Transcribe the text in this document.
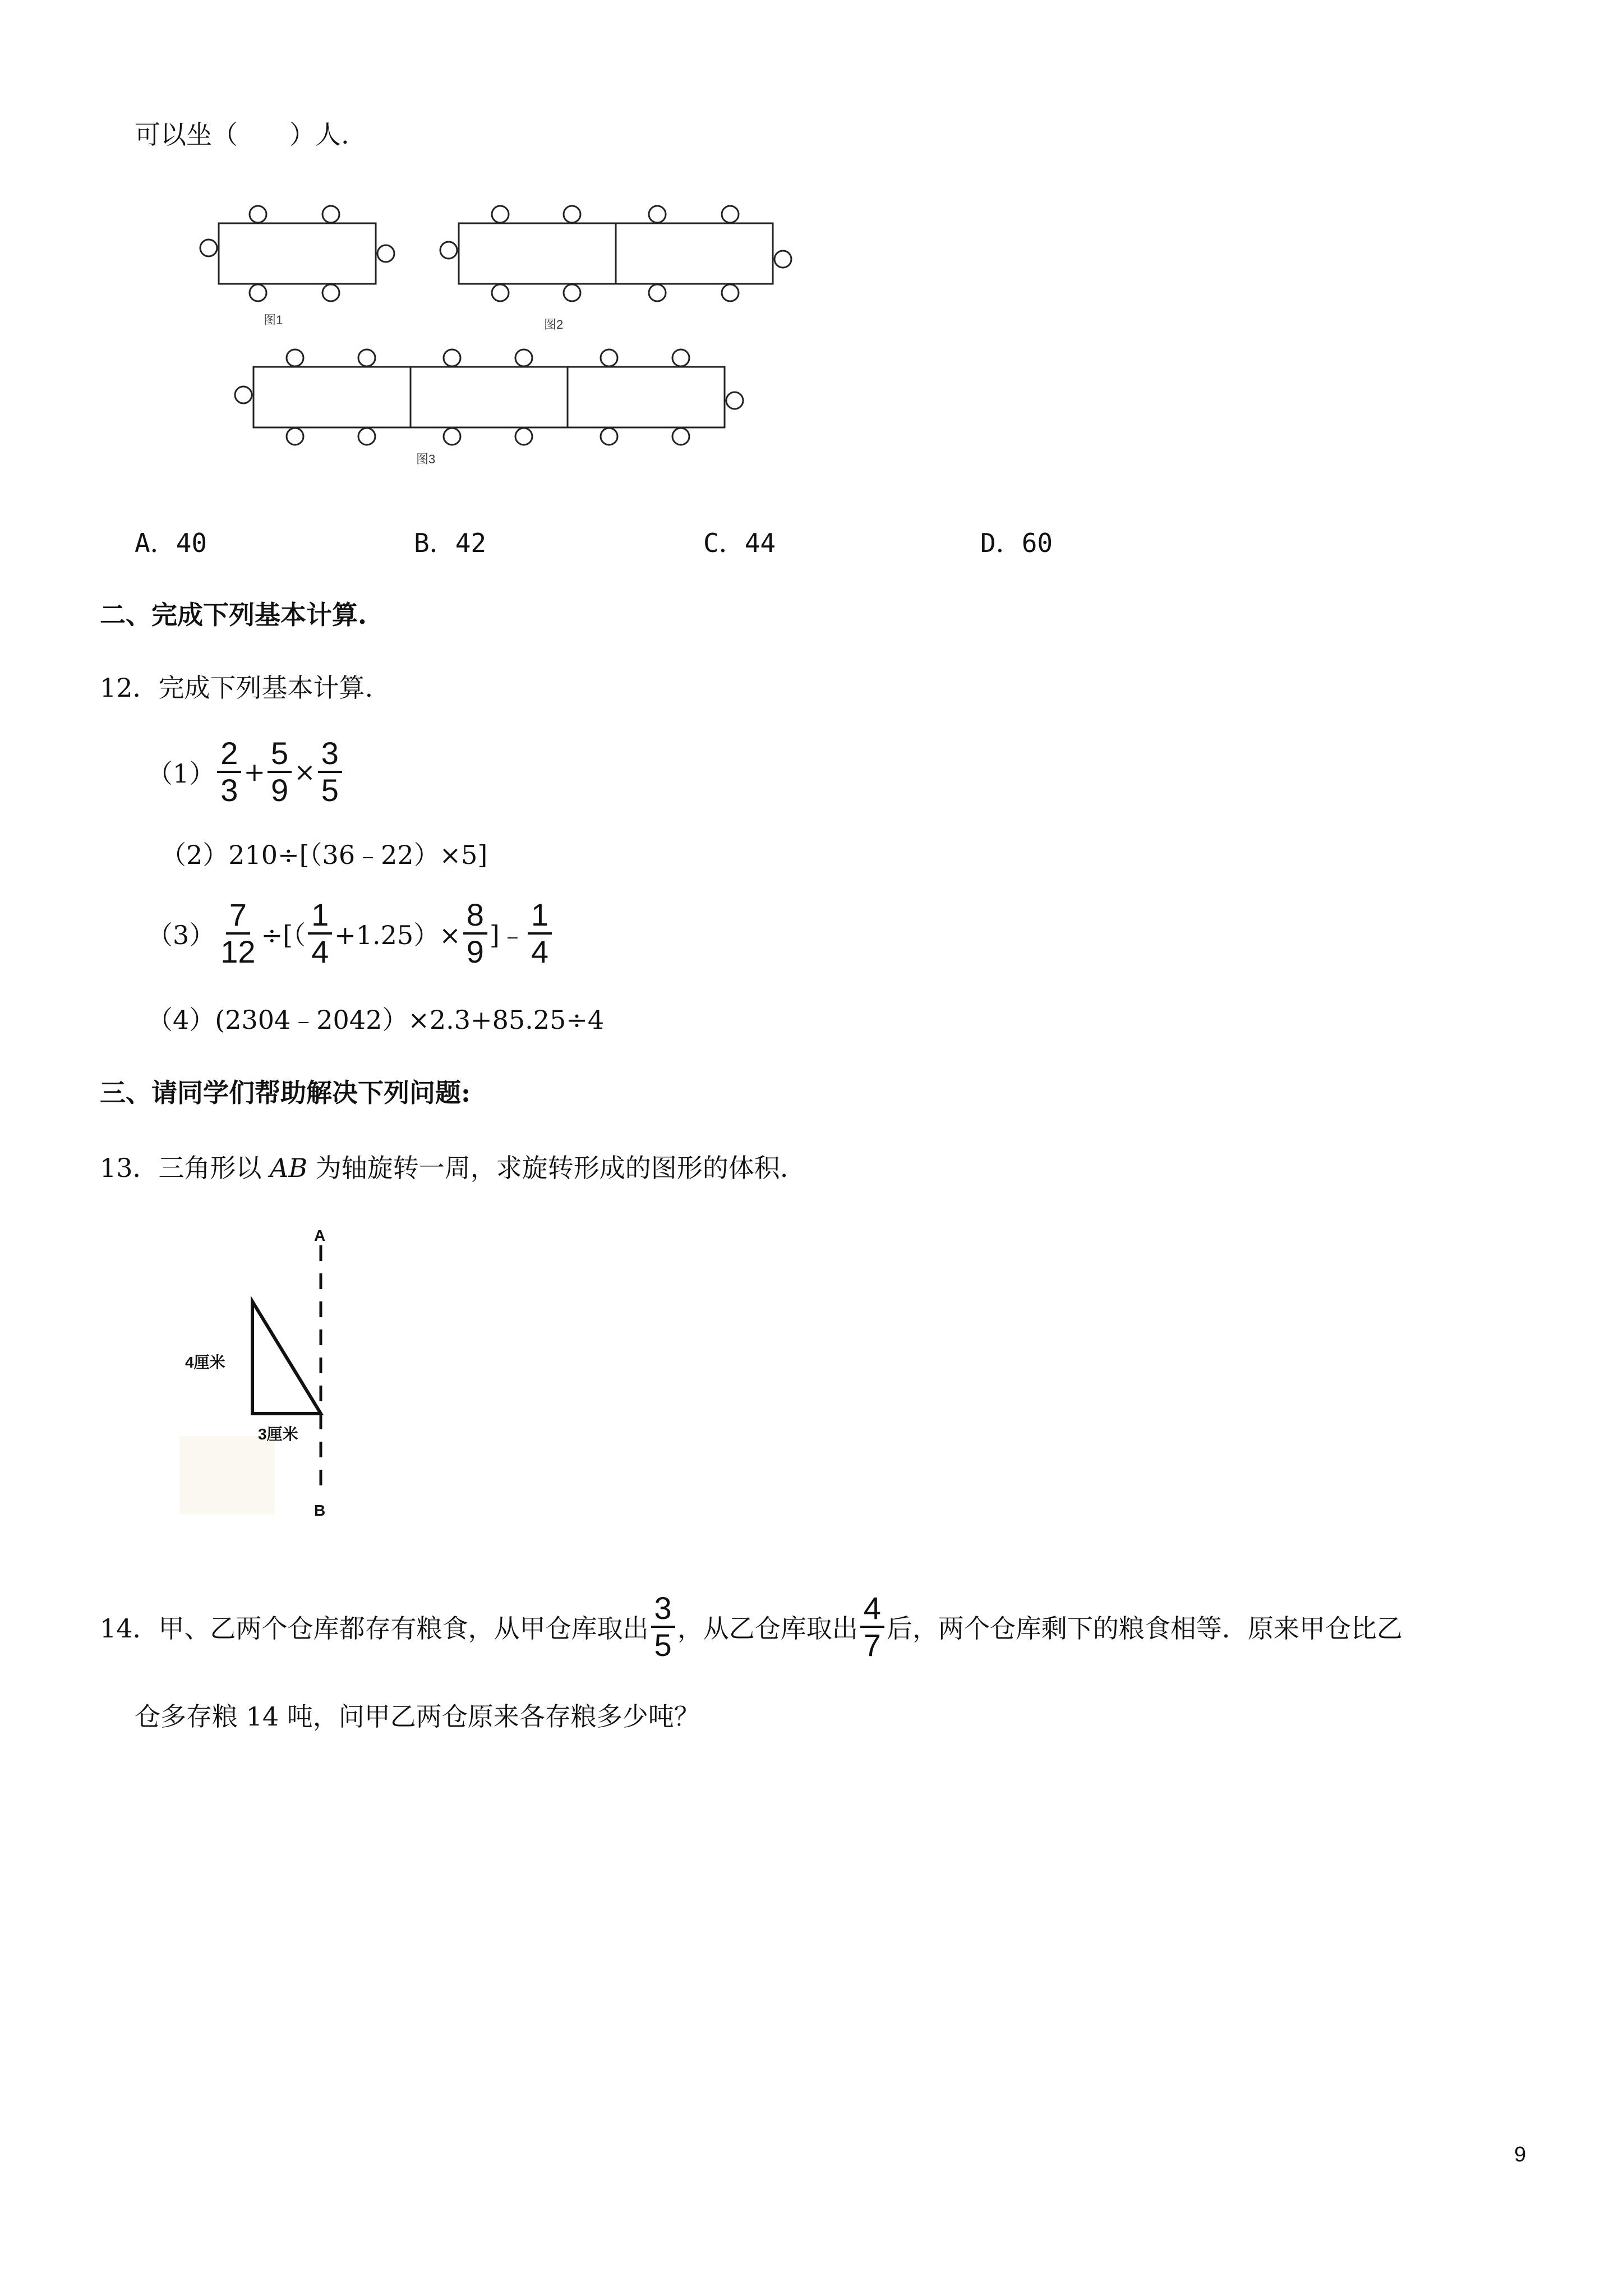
可以坐（　　）人.
图1	图2
图3
A．40	B．42	C．44	D．60
二、完成下列基本计算.
12．完成下列基本计算.
$(1) \frac{2}{3} + \frac{5}{9} \times \frac{3}{5}$
（2）210÷[（36﹣22）×5]
$(3) \frac{7}{12}$ ÷[（ $\frac{1}{4} +1.25)\times \frac{8}{9}$ ]﹣ $\frac{1}{4}$
（4）(2304﹣2042）×2.3+85.25÷4
三、请同学们帮助解决下列问题:
13．三角形以 AB 为轴旋转一周，求旋转形成的图形的体积.
A
B
4厘米
3厘米
14．甲、乙两个仓库都存有粮食，从甲仓库取出 $\frac{3}{5}$ ，从乙仓库取出 $\frac{4}{7}$ 后，两个仓库剩下的粮食相等．原来甲仓比乙
仓多存粮 14 吨，问甲乙两仓原来各存粮多少吨？
9
